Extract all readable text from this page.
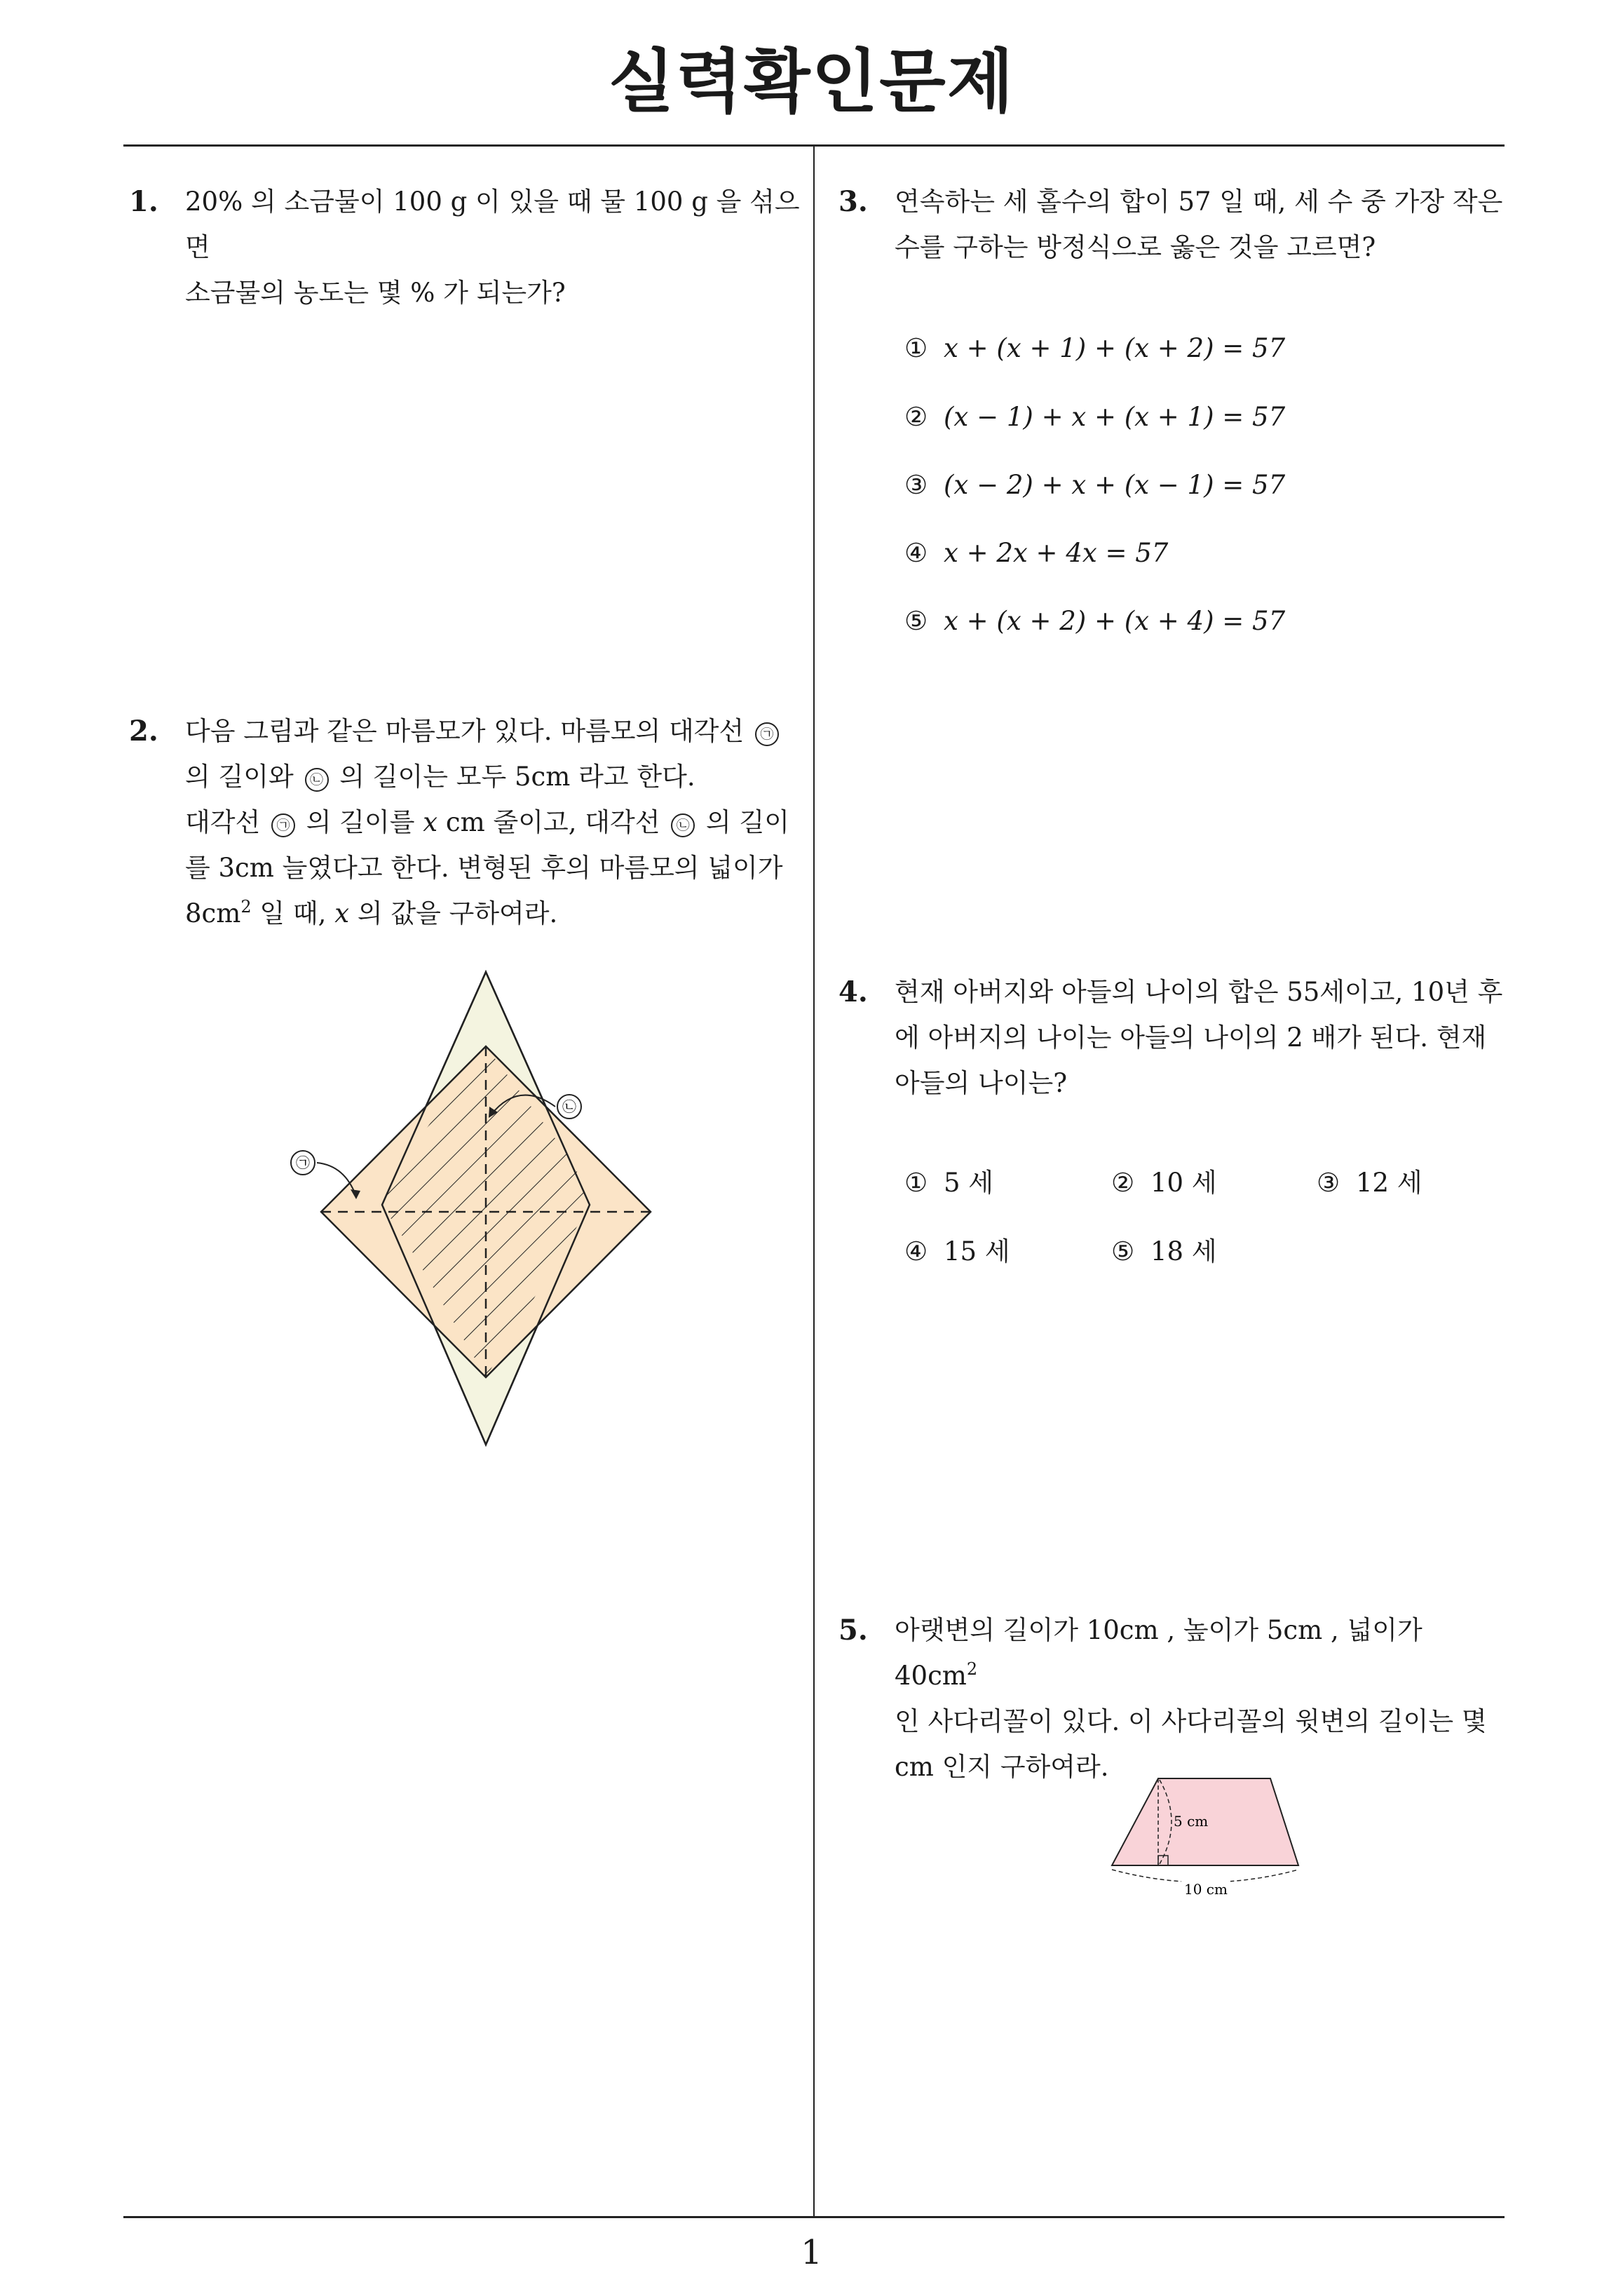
실력확인문제
1. 20% 의 소금물이 100 g 이 있을 때 물 100 g 을 섞으면
소금물의 농도는 몇 % 가 되는가?
2. 다음 그림과 같은 마름모가 있다. 마름모의 대각선 ㉠
의 길이와 ㉡ 의 길이는 모두 5cm 라고 한다.
대각선 ㉠ 의 길이를 x cm 줄이고, 대각선 ㉡ 의 길이
를 3cm 늘였다고 한다. 변형된 후의 마름모의 넓이가
$8cm^2$ 일 때, x 의 값을 구하여라.
㉠
㉡
3. 연속하는 세 홀수의 합이 57 일 때, 세 수 중 가장 작은
수를 구하는 방정식으로 옳은 것을 고르면?
① x + (x + 1) + (x + 2) = 57
② (x − 1) + x + (x + 1) = 57
③ (x − 2) + x + (x − 1) = 57
④ x + 2x + 4x = 57
⑤ x + (x + 2) + (x + 4) = 57
4. 현재 아버지와 아들의 나이의 합은 55세이고, 10년 후
에 아버지의 나이는 아들의 나이의 2 배가 된다. 현재
아들의 나이는?
① 5 세	② 10 세	③ 12 세
④ 15 세	⑤ 18 세
5. 아랫변의 길이가 10cm , 높이가 5cm , 넓이가 $40cm^2$
인 사다리꼴이 있다. 이 사다리꼴의 윗변의 길이는 몇
cm 인지 구하여라.
5 cm
10 cm
1
